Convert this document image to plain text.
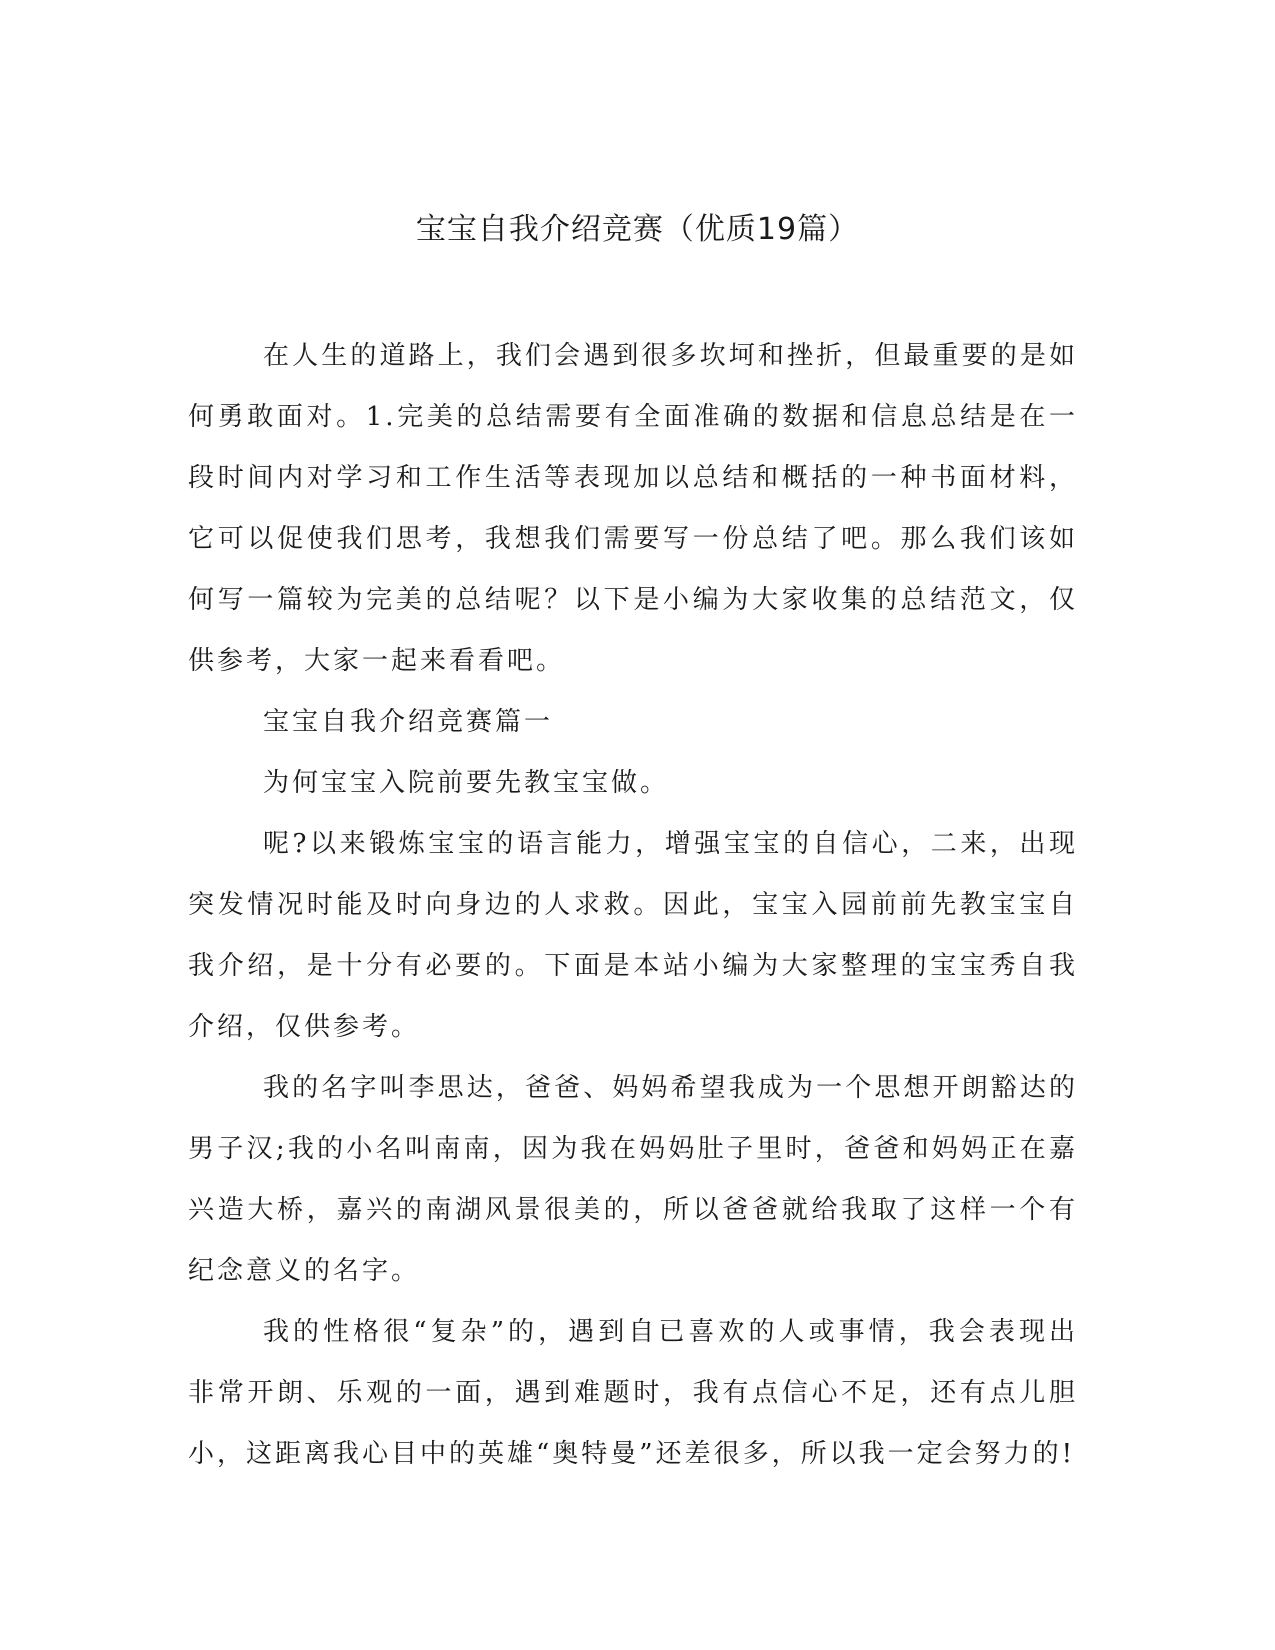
宝宝自我介绍竞赛（优质19篇）

在人生的道路上，我们会遇到很多坎坷和挫折，但最重要的是如何勇敢面对。1.完美的总结需要有全面准确的数据和信息总结是在一段时间内对学习和工作生活等表现加以总结和概括的一种书面材料，它可以促使我们思考，我想我们需要写一份总结了吧。那么我们该如何写一篇较为完美的总结呢？以下是小编为大家收集的总结范文，仅供参考，大家一起来看看吧。

宝宝自我介绍竞赛篇一

为何宝宝入院前要先教宝宝做。

呢?以来锻炼宝宝的语言能力，增强宝宝的自信心，二来，出现突发情况时能及时向身边的人求救。因此，宝宝入园前前先教宝宝自我介绍，是十分有必要的。下面是本站小编为大家整理的宝宝秀自我介绍，仅供参考。

我的名字叫李思达，爸爸、妈妈希望我成为一个思想开朗豁达的男子汉;我的小名叫南南，因为我在妈妈肚子里时，爸爸和妈妈正在嘉兴造大桥，嘉兴的南湖风景很美的，所以爸爸就给我取了这样一个有纪念意义的名字。

我的性格很“复杂”的，遇到自已喜欢的人或事情，我会表现出非常开朗、乐观的一面，遇到难题时，我有点信心不足，还有点儿胆小，这距离我心目中的英雄“奥特曼”还差很多，所以我一定会努力的!
